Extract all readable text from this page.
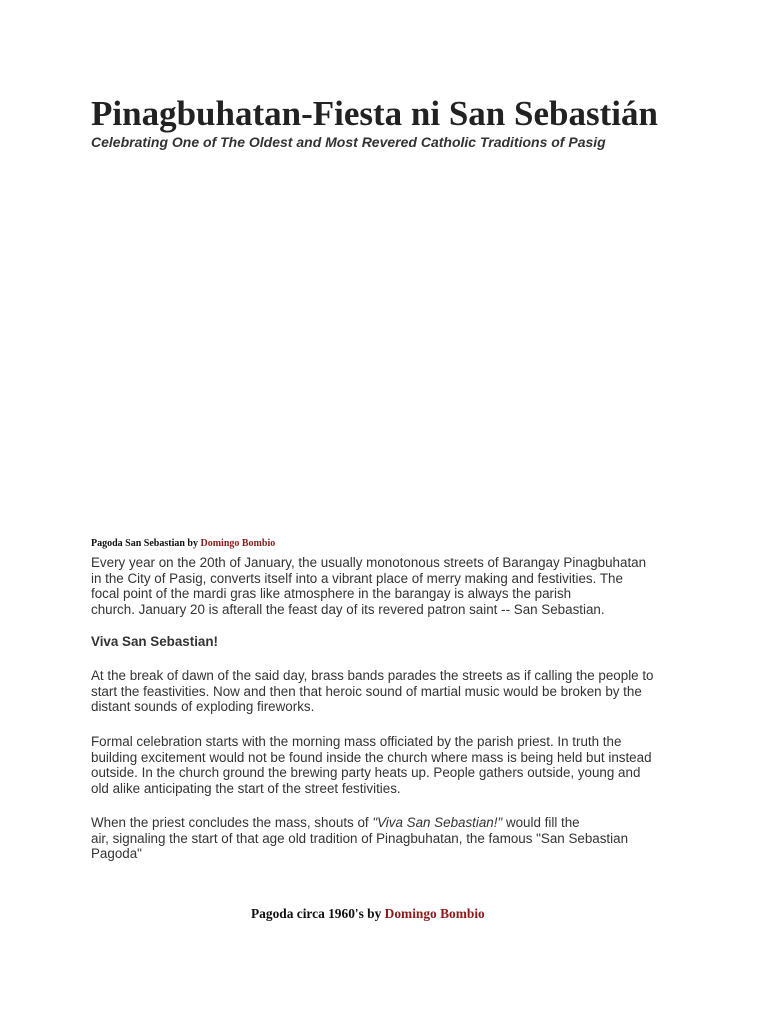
Pinagbuhatan-Fiesta ni San Sebastián
Celebrating One of The Oldest and Most Revered Catholic Traditions of Pasig
Pagoda San Sebastian by Domingo Bombio

Every year on the 20th of January, the usually monotonous streets of Barangay Pinagbuhatan
in the City of Pasig, converts itself into a vibrant place of merry making and festivities. The
focal point of the mardi gras like atmosphere in the barangay is always the parish
church. January 20 is afterall the feast day of its revered patron saint -- San Sebastian.

Viva San Sebastian!

At the break of dawn of the said day, brass bands parades the streets as if calling the people to
start the feastivities. Now and then that heroic sound of martial music would be broken by the
distant sounds of exploding fireworks.

Formal celebration starts with the morning mass officiated by the parish priest. In truth the
building excitement would not be found inside the church where mass is being held but instead
outside. In the church ground the brewing party heats up. People gathers outside, young and
old alike anticipating the start of the street festivities.

When the priest concludes the mass, shouts of "Viva San Sebastian!" would fill the
air, signaling the start of that age old tradition of Pinagbuhatan, the famous "San Sebastian
Pagoda"

Pagoda circa 1960's by Domingo Bombio
